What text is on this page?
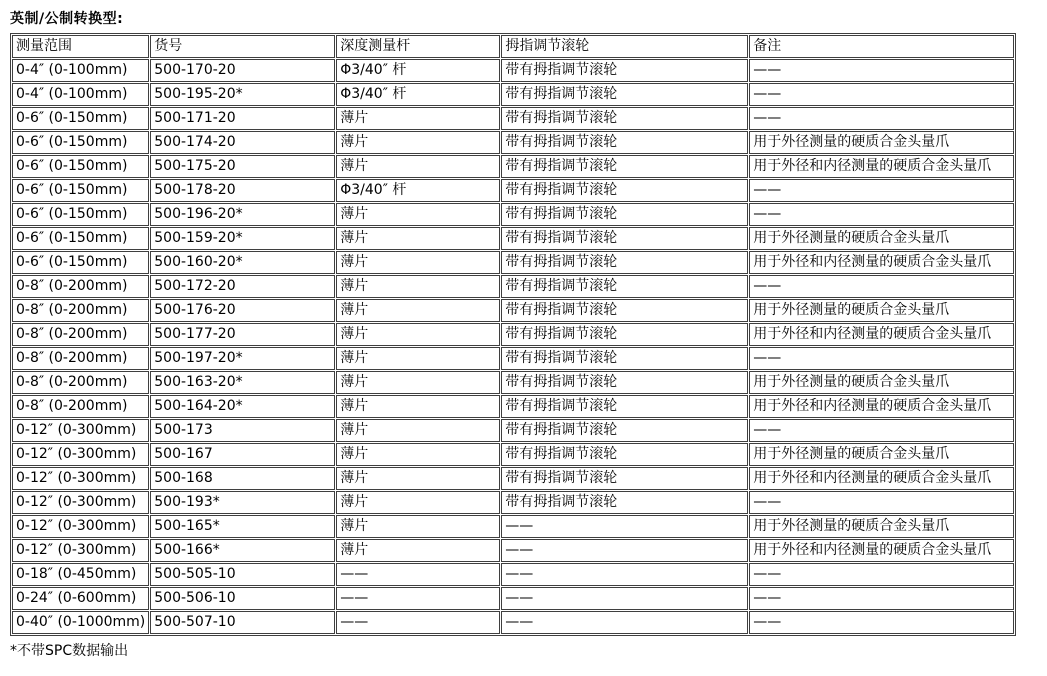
英制/公制转换型:
测量范围	货号	深度测量杆	拇指调节滚轮	备注
0-4″ (0-100mm)	500-170-20	Φ3/40″ 杆	带有拇指调节滚轮	——
0-4″ (0-100mm)	500-195-20*	Φ3/40″ 杆	带有拇指调节滚轮	——
0-6″ (0-150mm)	500-171-20	薄片	带有拇指调节滚轮	——
0-6″ (0-150mm)	500-174-20	薄片	带有拇指调节滚轮	用于外径测量的硬质合金头量爪
0-6″ (0-150mm)	500-175-20	薄片	带有拇指调节滚轮	用于外径和内径测量的硬质合金头量爪
0-6″ (0-150mm)	500-178-20	Φ3/40″ 杆	带有拇指调节滚轮	——
0-6″ (0-150mm)	500-196-20*	薄片	带有拇指调节滚轮	——
0-6″ (0-150mm)	500-159-20*	薄片	带有拇指调节滚轮	用于外径测量的硬质合金头量爪
0-6″ (0-150mm)	500-160-20*	薄片	带有拇指调节滚轮	用于外径和内径测量的硬质合金头量爪
0-8″ (0-200mm)	500-172-20	薄片	带有拇指调节滚轮	——
0-8″ (0-200mm)	500-176-20	薄片	带有拇指调节滚轮	用于外径测量的硬质合金头量爪
0-8″ (0-200mm)	500-177-20	薄片	带有拇指调节滚轮	用于外径和内径测量的硬质合金头量爪
0-8″ (0-200mm)	500-197-20*	薄片	带有拇指调节滚轮	——
0-8″ (0-200mm)	500-163-20*	薄片	带有拇指调节滚轮	用于外径测量的硬质合金头量爪
0-8″ (0-200mm)	500-164-20*	薄片	带有拇指调节滚轮	用于外径和内径测量的硬质合金头量爪
0-12″ (0-300mm)	500-173	薄片	带有拇指调节滚轮	——
0-12″ (0-300mm)	500-167	薄片	带有拇指调节滚轮	用于外径测量的硬质合金头量爪
0-12″ (0-300mm)	500-168	薄片	带有拇指调节滚轮	用于外径和内径测量的硬质合金头量爪
0-12″ (0-300mm)	500-193*	薄片	带有拇指调节滚轮	——
0-12″ (0-300mm)	500-165*	薄片	——	用于外径测量的硬质合金头量爪
0-12″ (0-300mm)	500-166*	薄片	——	用于外径和内径测量的硬质合金头量爪
0-18″ (0-450mm)	500-505-10	——	——	——
0-24″ (0-600mm)	500-506-10	——	——	——
0-40″ (0-1000mm)	500-507-10	——	——	——
*不带SPC数据输出
